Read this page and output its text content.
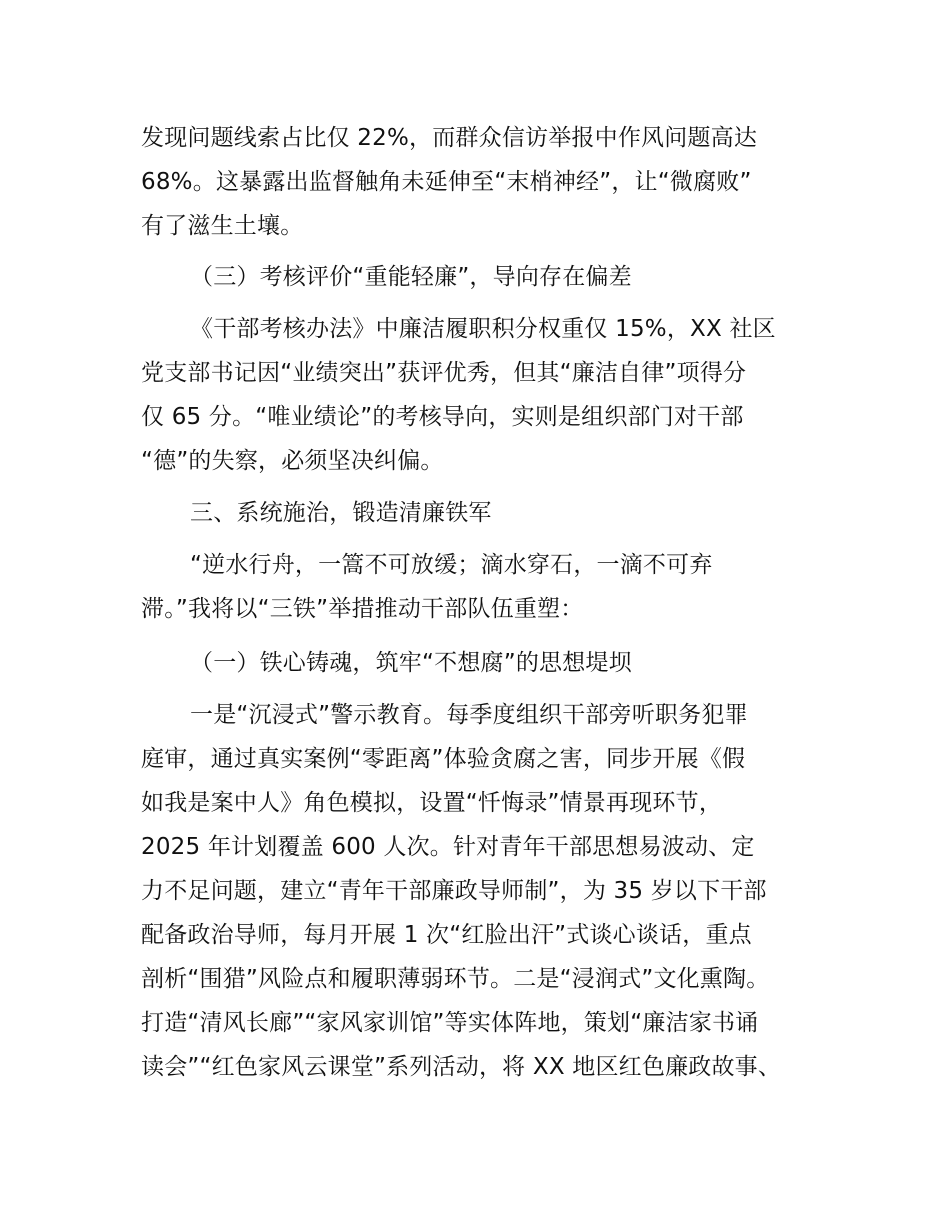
发现问题线索占比仅 22%，而群众信访举报中作风问题高达
68%。这暴露出监督触角未延伸至“末梢神经”，让“微腐败”
有了滋生土壤。
（三）考核评价“重能轻廉”，导向存在偏差
《干部考核办法》中廉洁履职积分权重仅 15%，XX 社区
党支部书记因“业绩突出”获评优秀，但其“廉洁自律”项得分
仅 65 分。“唯业绩论”的考核导向，实则是组织部门对干部
“德”的失察，必须坚决纠偏。
三、系统施治，锻造清廉铁军
“逆水行舟，一篙不可放缓；滴水穿石，一滴不可弃
滞。”我将以“三铁”举措推动干部队伍重塑：
（一）铁心铸魂，筑牢“不想腐”的思想堤坝
一是“沉浸式”警示教育。每季度组织干部旁听职务犯罪
庭审，通过真实案例“零距离”体验贪腐之害，同步开展《假
如我是案中人》角色模拟，设置“忏悔录”情景再现环节，
2025 年计划覆盖 600 人次。针对青年干部思想易波动、定
力不足问题，建立“青年干部廉政导师制”，为 35 岁以下干部
配备政治导师，每月开展 1 次“红脸出汗”式谈心谈话，重点
剖析“围猎”风险点和履职薄弱环节。二是“浸润式”文化熏陶。
打造“清风长廊”“家风家训馆”等实体阵地，策划“廉洁家书诵
读会”“红色家风云课堂”系列活动，将 XX 地区红色廉政故事、
